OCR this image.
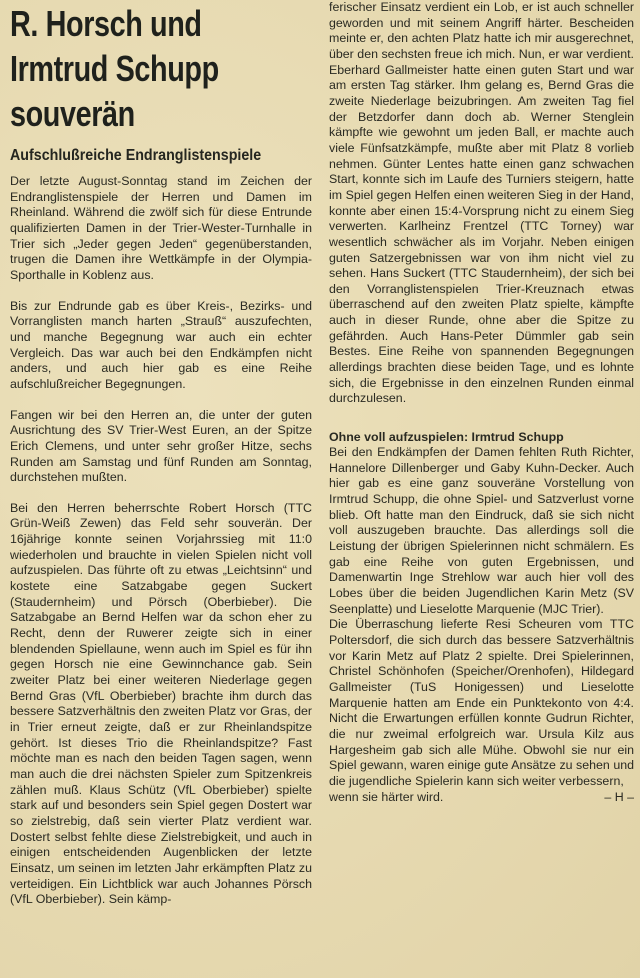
R. Horsch und
Irmtrud Schupp
souverän
Aufschlußreiche Endranglistenspiele

Der letzte August-Sonntag stand im Zeichen der Endranglistenspiele der Herren und Damen im Rheinland. Während die zwölf sich für diese Entrunde qualifizierten Damen in der Trier-Wester-Turnhalle in Trier sich „Jeder gegen Jeden“ gegenüberstanden, trugen die Damen ihre Wettkämpfe in der Olympia-Sporthalle in Koblenz aus.

Bis zur Endrunde gab es über Kreis-, Bezirks- und Vorranglisten manch harten „Strauß“ auszufechten, und manche Begegnung war auch ein echter Vergleich. Das war auch bei den Endkämpfen nicht anders, und auch hier gab es eine Reihe aufschlußreicher Begegnungen.

Fangen wir bei den Herren an, die unter der guten Ausrichtung des SV Trier-West Euren, an der Spitze Erich Clemens, und unter sehr großer Hitze, sechs Runden am Samstag und fünf Runden am Sonntag, durchstehen mußten.

Bei den Herren beherrschte Robert Horsch (TTC Grün-Weiß Zewen) das Feld sehr souverän. Der 16jährige konnte seinen Vorjahrssieg mit 11:0 wiederholen und brauchte in vielen Spielen nicht voll aufzuspielen. Das führte oft zu etwas „Leichtsinn“ und kostete eine Satzabgabe gegen Suckert (Staudernheim) und Pörsch (Oberbieber). Die Satzabgabe an Bernd Helfen war da schon eher zu Recht, denn der Ruwerer zeigte sich in einer blendenden Spiellaune, wenn auch im Spiel es für ihn gegen Horsch nie eine Gewinnchance gab. Sein zweiter Platz bei einer weiteren Niederlage gegen Bernd Gras (VfL Oberbieber) brachte ihm durch das bessere Satzverhältnis den zweiten Platz vor Gras, der in Trier erneut zeigte, daß er zur Rheinlandspitze gehört. Ist dieses Trio die Rheinlandspitze? Fast möchte man es nach den beiden Tagen sagen, wenn man auch die drei nächsten Spieler zum Spitzenkreis zählen muß. Klaus Schütz (VfL Oberbieber) spielte stark auf und besonders sein Spiel gegen Dostert war so zielstrebig, daß sein vierter Platz verdient war. Dostert selbst fehlte diese Zielstrebigkeit, und auch in einigen entscheidenden Augenblicken der letzte Einsatz, um seinen im letzten Jahr erkämpften Platz zu verteidigen. Ein Lichtblick war auch Johannes Pörsch (VfL Oberbieber). Sein kämp-

ferischer Einsatz verdient ein Lob, er ist auch schneller geworden und mit seinem Angriff härter. Bescheiden meinte er, den achten Platz hatte ich mir ausgerechnet, über den sechsten freue ich mich. Nun, er war verdient. Eberhard Gallmeister hatte einen guten Start und war am ersten Tag stärker. Ihm gelang es, Bernd Gras die zweite Niederlage beizubringen. Am zweiten Tag fiel der Betzdorfer dann doch ab. Werner Stenglein kämpfte wie gewohnt um jeden Ball, er machte auch viele Fünfsatzkämpfe, mußte aber mit Platz 8 vorlieb nehmen. Günter Lentes hatte einen ganz schwachen Start, konnte sich im Laufe des Turniers steigern, hatte im Spiel gegen Helfen einen weiteren Sieg in der Hand, konnte aber einen 15:4-Vorsprung nicht zu einem Sieg verwerten. Karlheinz Frentzel (TTC Torney) war wesentlich schwächer als im Vorjahr. Neben einigen guten Satzergebnissen war von ihm nicht viel zu sehen. Hans Suckert (TTC Staudernheim), der sich bei den Vorranglistenspielen Trier-Kreuznach etwas überraschend auf den zweiten Platz spielte, kämpfte auch in dieser Runde, ohne aber die Spitze zu gefährden. Auch Hans-Peter Dümmler gab sein Bestes. Eine Reihe von spannenden Begegnungen allerdings brachten diese beiden Tage, und es lohnte sich, die Ergebnisse in den einzelnen Runden einmal durchzulesen.

Ohne voll aufzuspielen: Irmtrud Schupp

Bei den Endkämpfen der Damen fehlten Ruth Richter, Hannelore Dillenberger und Gaby Kuhn-Decker. Auch hier gab es eine ganz souveräne Vorstellung von Irmtrud Schupp, die ohne Spiel- und Satzverlust vorne blieb. Oft hatte man den Eindruck, daß sie sich nicht voll auszugeben brauchte. Das allerdings soll die Leistung der übrigen Spielerinnen nicht schmälern. Es gab eine Reihe von guten Ergebnissen, und Damenwartin Inge Strehlow war auch hier voll des Lobes über die beiden Jugendlichen Karin Metz (SV Seenplatte) und Lieselotte Marquenie (MJC Trier).

Die Überraschung lieferte Resi Scheuren vom TTC Poltersdorf, die sich durch das bessere Satzverhältnis vor Karin Metz auf Platz 2 spielte. Drei Spielerinnen, Christel Schönhofen (Speicher/Orenhofen), Hildegard Gallmeister (TuS Honigessen) und Lieselotte Marquenie hatten am Ende ein Punktekonto von 4:4. Nicht die Erwartungen erfüllen konnte Gudrun Richter, die nur zweimal erfolgreich war. Ursula Kilz aus Hargesheim gab sich alle Mühe. Obwohl sie nur ein Spiel gewann, waren einige gute Ansätze zu sehen und die jugendliche Spielerin kann sich weiter verbessern,

wenn sie härter wird.	– H –
